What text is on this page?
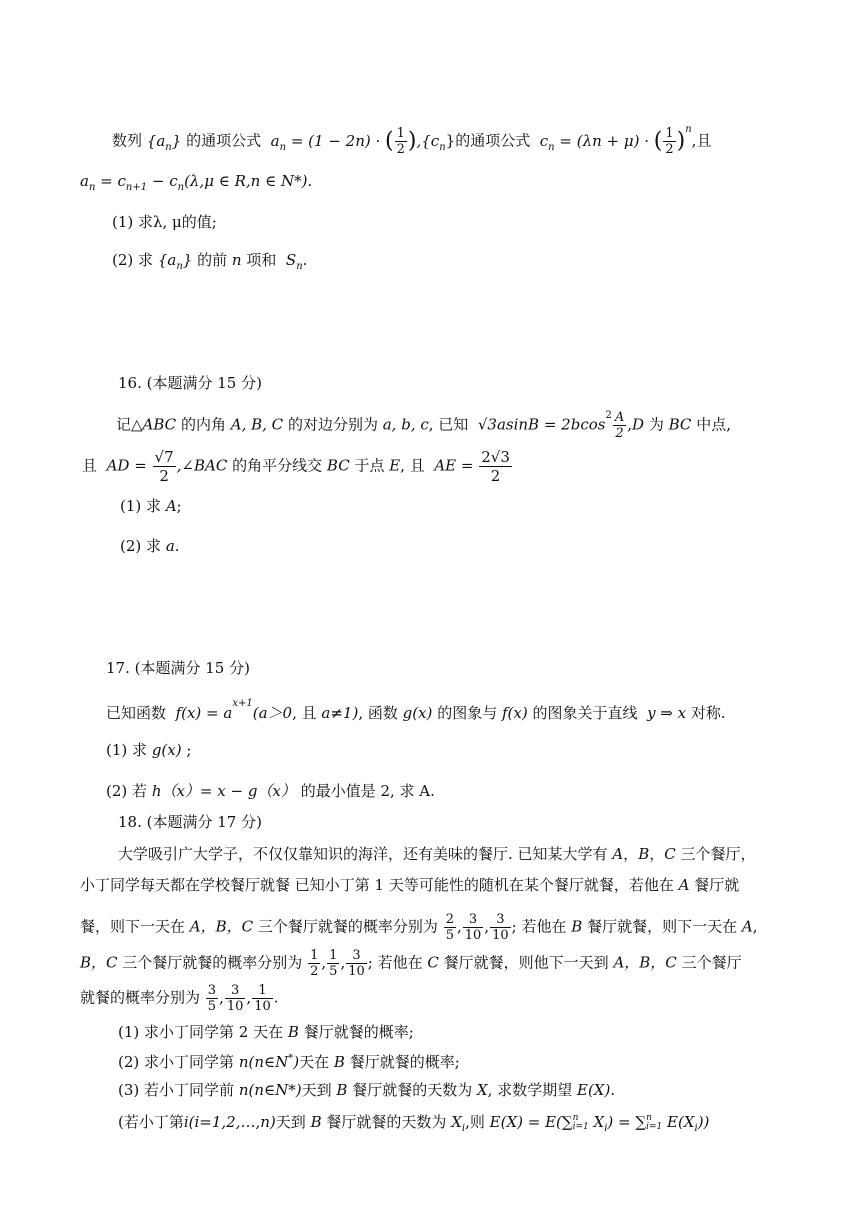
数列 $\{a_n\}$ 的通项公式 $a_n = (1 - 2n)$ · ( $\frac{1}{2} ),\{c_n\}$的通项公式 $c_n = (\lambda n + \mu)$ · ( $\frac{1}{2} )^n$,且
$a_n = c_{n+1} - c_n(\lambda,\mu$ ∈ R,n ∈ N*).
(1) 求λ, μ的值;
(2) 求 $\{a_n\}$ 的前 n 项和 $S_n$.
16. (本题满分 15 分)
记△ABC 的内角 A, B, C 的对边分别为 a, b, c, 已知 $√3asinB = 2bcos^2 \frac{A}{2} ,D$ 为 BC 中点,
且 AD = $\frac{√7}{2}$ ,∠BAC 的角平分线交 BC 于点 E, 且 AE = $\frac{2√3}{2}$
(1) 求 A;
(2) 求 a.
17. (本题满分 15 分)
已知函数 $f(x) = a^{x+1}(a>0$, 且 a≠1), 函数 g(x) 的图象与 f(x) 的图象关于直线 y ⇒ x 对称.
(1) 求 g(x) ;
(2) 若 h（x）= x − g（x） 的最小值是 2, 求 A.
18. (本题满分 17 分)
大学吸引广大学子，不仅仅靠知识的海洋，还有美味的餐厅. 已知某大学有 A，B，C 三个餐厅，
小丁同学每天都在学校餐厅就餐 已知小丁第 1 天等可能性的随机在某个餐厅就餐，若他在 A 餐厅就
餐，则下一天在 A，B，C 三个餐厅就餐的概率分别为 $\frac{2}{5}$ , $\frac{3}{10}$ , $\frac{3}{10}$ ; 若他在 B 餐厅就餐，则下一天在 A,
B，C 三个餐厅就餐的概率分别为 $\frac{1}{2}$ , $\frac{1}{5}$ , $\frac{3}{10}$ ; 若他在 C 餐厅就餐，则他下一天到 A，B，C 三个餐厅
就餐的概率分别为 $\frac{3}{5}$ , $\frac{3}{10}$ , $\frac{1}{10}$ .
(1) 求小丁同学第 2 天在 B 餐厅就餐的概率;
(2) 求小丁同学第 n(n∈N*)天在 B 餐厅就餐的概率;
(3) 若小丁同学前 n(n∈N*)天到 B 餐厅就餐的天数为 X, 求数学期望 E(X).
(若小丁第i(i=1,2,…,n)天到 B 餐厅就餐的天数为 $X_i$,则 E(X) = E(∑ n
i=1 $X_i$) = ∑ n
i=1 $E(X_i)$)
